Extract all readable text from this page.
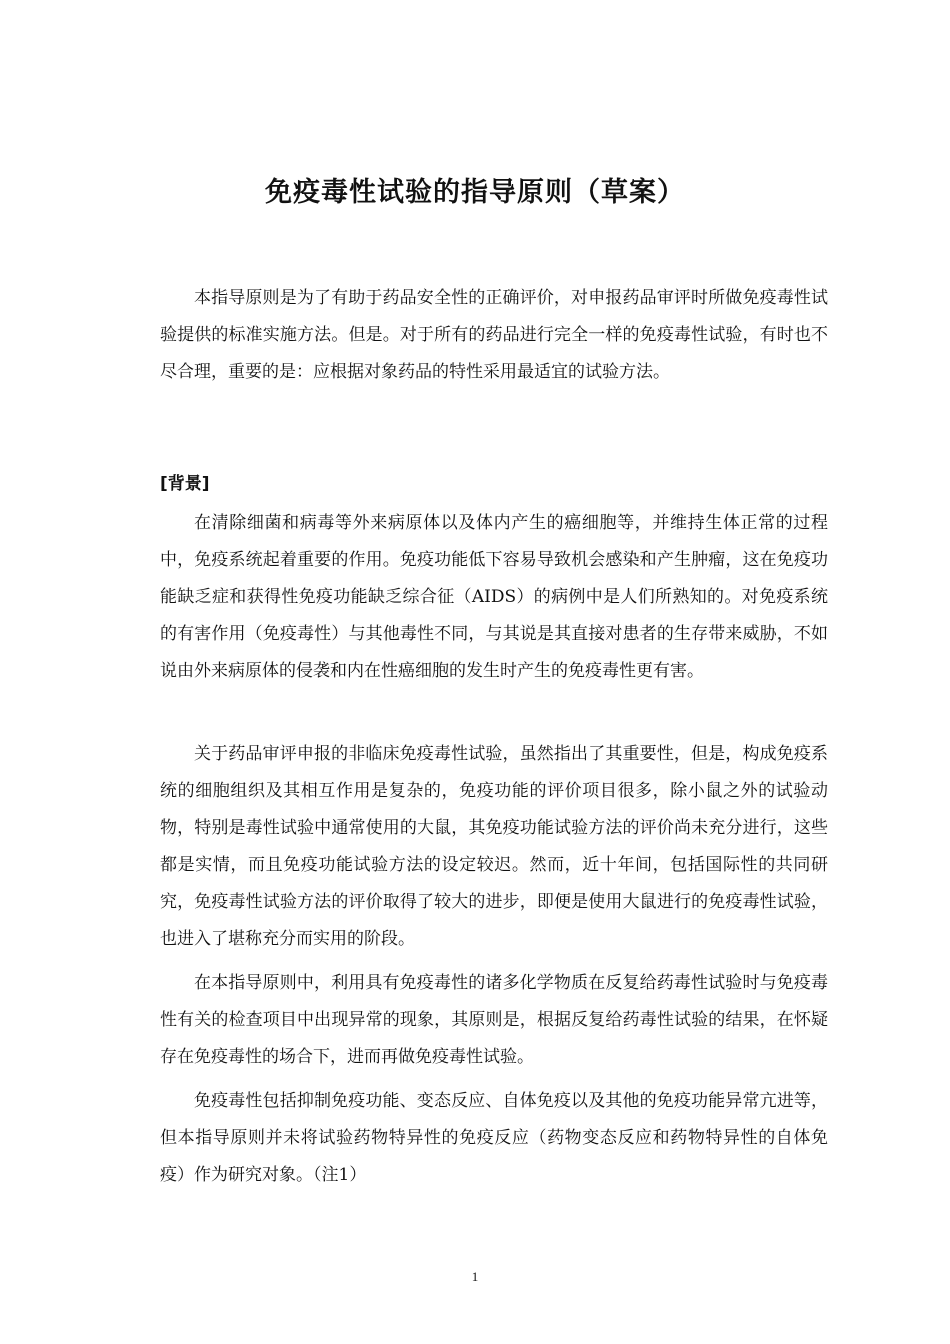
免疫毒性试验的指导原则（草案）

本指导原则是为了有助于药品安全性的正确评价，对申报药品审评时所做免疫毒性试验提供的标准实施方法。但是。对于所有的药品进行完全一样的免疫毒性试验，有时也不尽合理，重要的是：应根据对象药品的特性采用最适宜的试验方法。

[背景]

在清除细菌和病毒等外来病原体以及体内产生的癌细胞等，并维持生体正常的过程中，免疫系统起着重要的作用。免疫功能低下容易导致机会感染和产生肿瘤，这在免疫功能缺乏症和获得性免疫功能缺乏综合征（AIDS）的病例中是人们所熟知的。对免疫系统的有害作用（免疫毒性）与其他毒性不同，与其说是其直接对患者的生存带来威胁，不如说由外来病原体的侵袭和内在性癌细胞的发生时产生的免疫毒性更有害。

关于药品审评申报的非临床免疫毒性试验，虽然指出了其重要性，但是，构成免疫系统的细胞组织及其相互作用是复杂的，免疫功能的评价项目很多，除小鼠之外的试验动物，特别是毒性试验中通常使用的大鼠，其免疫功能试验方法的评价尚未充分进行，这些都是实情，而且免疫功能试验方法的设定较迟。然而，近十年间，包括国际性的共同研究，免疫毒性试验方法的评价取得了较大的进步，即便是使用大鼠进行的免疫毒性试验，也进入了堪称充分而实用的阶段。

在本指导原则中，利用具有免疫毒性的诸多化学物质在反复给药毒性试验时与免疫毒性有关的检查项目中出现异常的现象，其原则是，根据反复给药毒性试验的结果，在怀疑存在免疫毒性的场合下，进而再做免疫毒性试验。

免疫毒性包括抑制免疫功能、变态反应、自体免疫以及其他的免疫功能异常亢进等，但本指导原则并未将试验药物特异性的免疫反应（药物变态反应和药物特异性的自体免疫）作为研究对象。（注1）

1
